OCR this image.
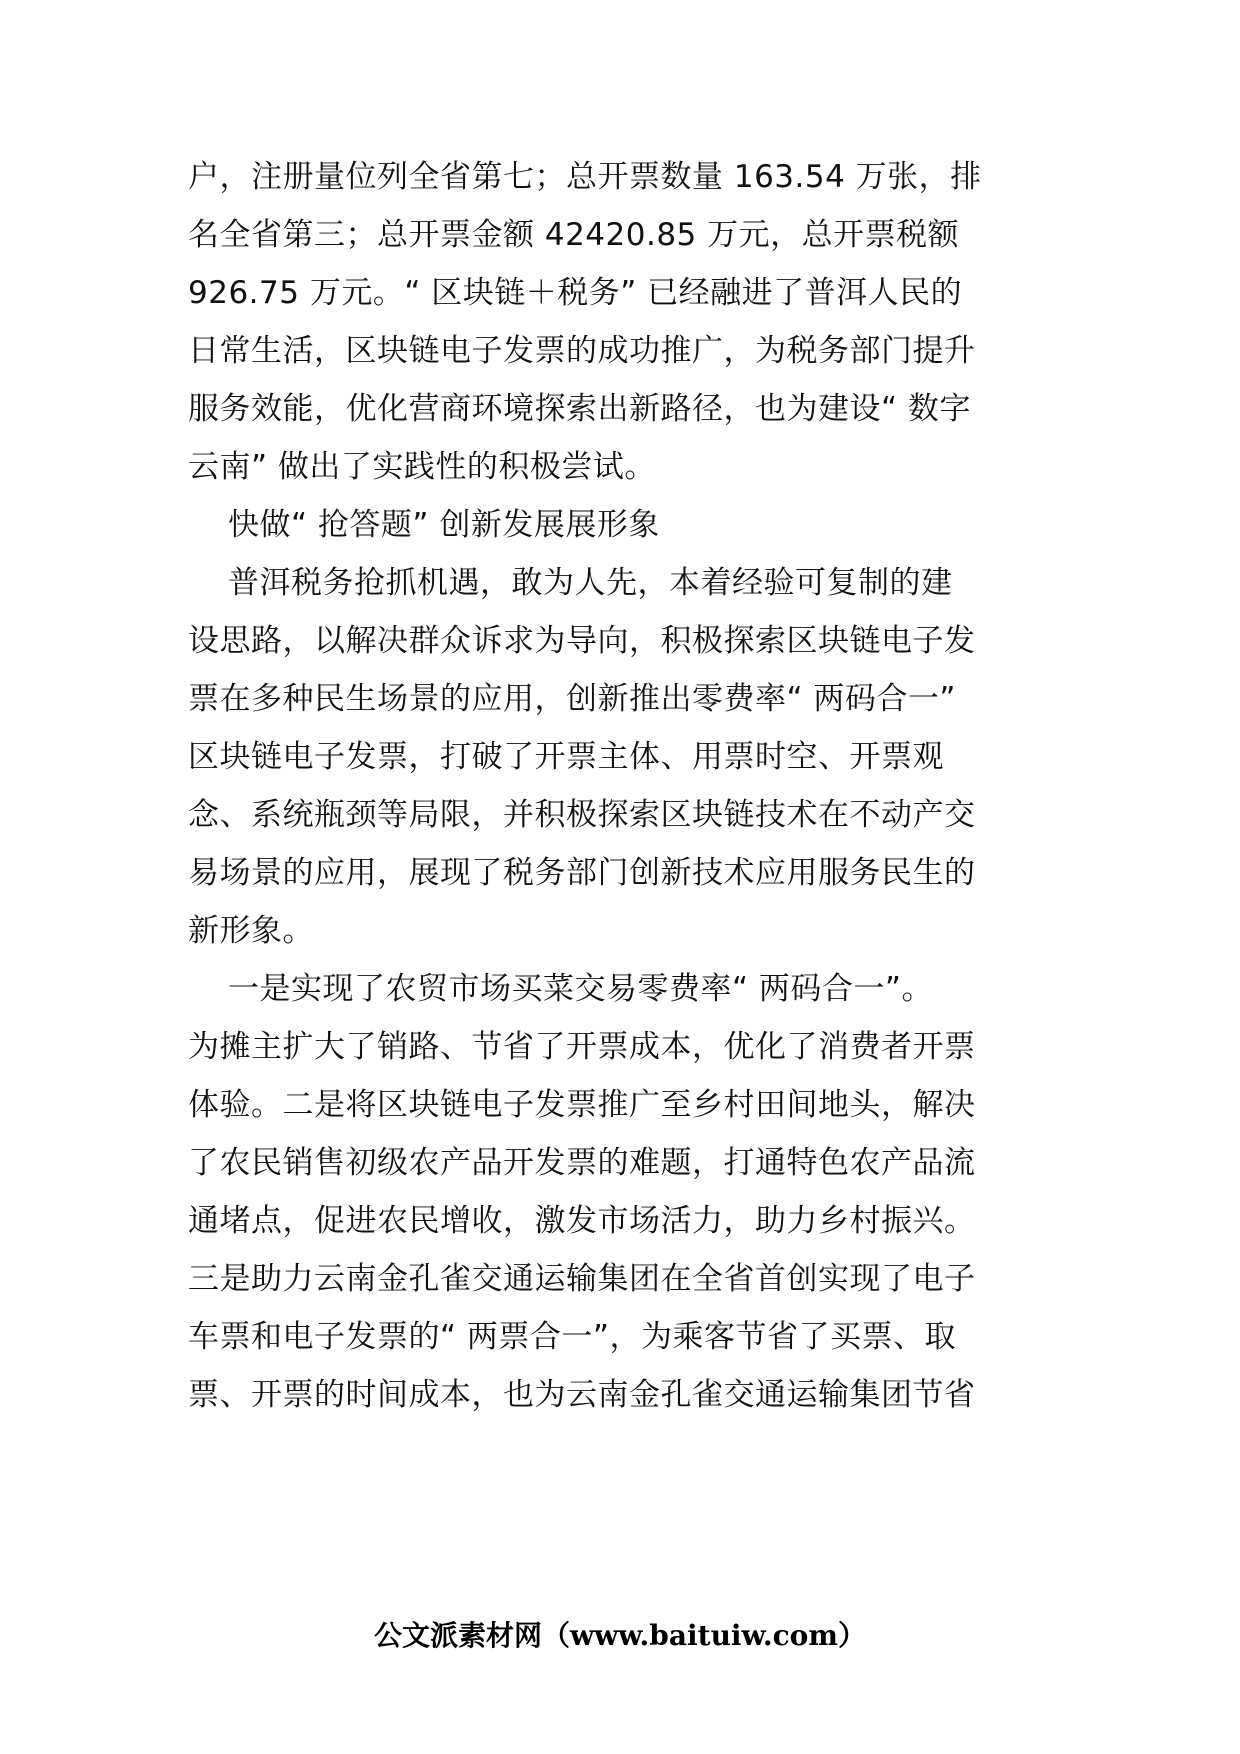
户，注册量位列全省第七；总开票数量 163.54 万张，排
名全省第三；总开票金额 42420.85 万元，总开票税额
926.75 万元。“ 区块链＋税务” 已经融进了普洱人民的
日常生活，区块链电子发票的成功推广，为税务部门提升
服务效能，优化营商环境探索出新路径，也为建设“ 数字
云南” 做出了实践性的积极尝试。
快做“ 抢答题” 创新发展展形象
普洱税务抢抓机遇，敢为人先，本着经验可复制的建
设思路，以解决群众诉求为导向，积极探索区块链电子发
票在多种民生场景的应用，创新推出零费率“ 两码合一”
区块链电子发票，打破了开票主体、用票时空、开票观
念、系统瓶颈等局限，并积极探索区块链技术在不动产交
易场景的应用，展现了税务部门创新技术应用服务民生的
新形象。
一是实现了农贸市场买菜交易零费率“ 两码合一”。
为摊主扩大了销路、节省了开票成本，优化了消费者开票
体验。二是将区块链电子发票推广至乡村田间地头，解决
了农民销售初级农产品开发票的难题，打通特色农产品流
通堵点，促进农民增收，激发市场活力，助力乡村振兴。
三是助力云南金孔雀交通运输集团在全省首创实现了电子
车票和电子发票的“ 两票合一”，为乘客节省了买票、取
票、开票的时间成本，也为云南金孔雀交通运输集团节省
公文派素材网（www.baituiw.com）
